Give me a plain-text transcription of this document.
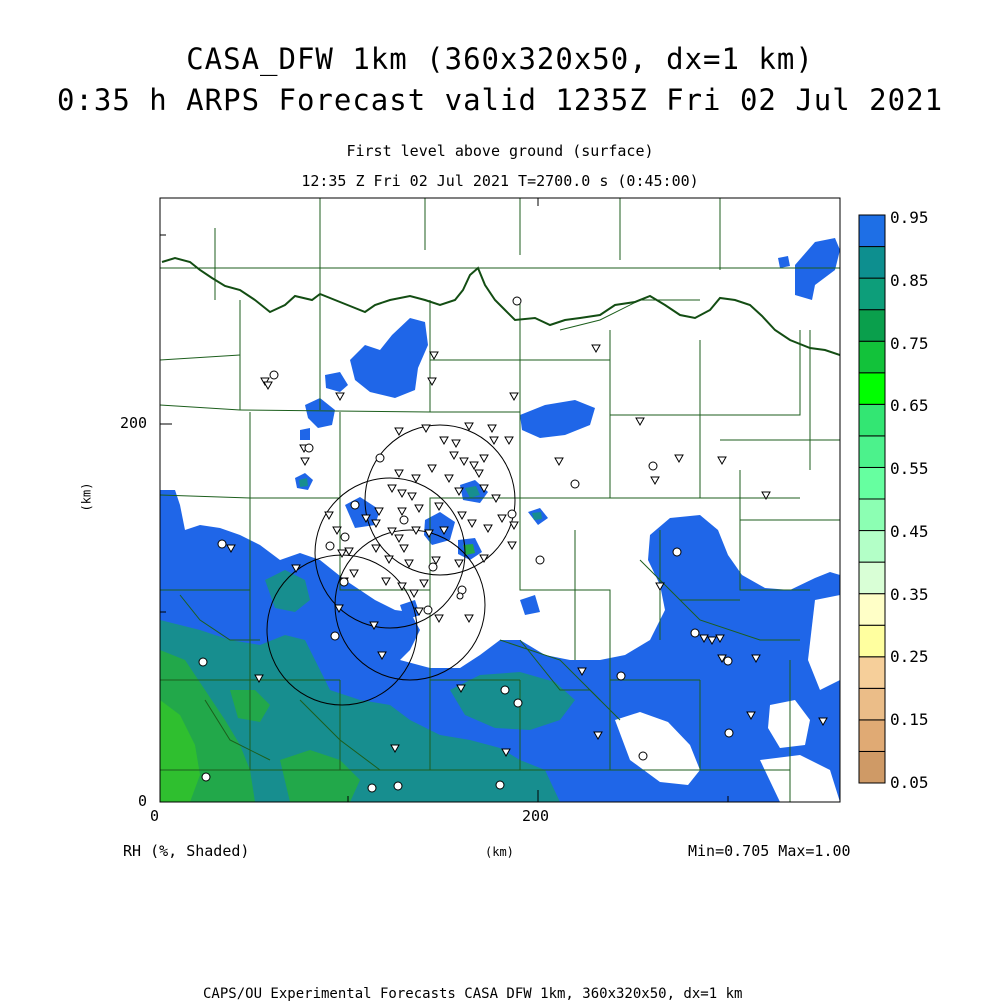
CASA_DFW 1km (360x320x50, dx=1 km)
0:35 h ARPS Forecast valid 1235Z Fri 02 Jul 2021
First level above ground (surface)
12:35 Z Fri 02 Jul 2021 T=2700.0 s (0:45:00)
0	200
0
200
(km)
(km)
RH (%, Shaded)	Min=0.705 Max=1.00
CAPS/OU Experimental Forecasts CASA DFW 1km, 360x320x50, dx=1 km
0.95
0.85
0.75
0.65
0.55
0.45
0.35
0.25
0.15
0.05
